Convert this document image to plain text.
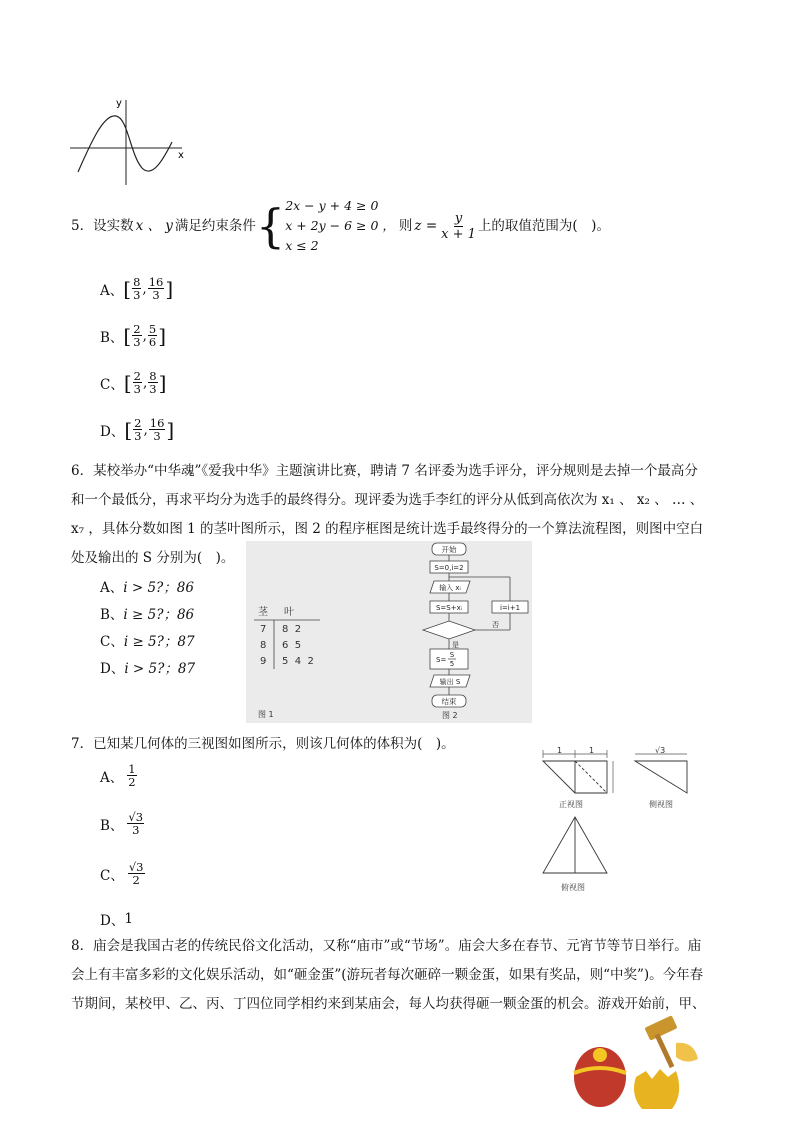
y
x
5．设实数 x 、 y 满足约束条件 { 2x − y + 4 ≥ 0
x + 2y − 6 ≥ 0 ，
x ≤ 2
则 $z = \frac{y}{x + 1}$ 上的取值范围为(　)。
A、 [ $\frac{8}{3}$ , $\frac{16}{3}$ ]
B、 [ $\frac{2}{3}$ , $\frac{5}{6}$ ]
C、 [ $\frac{2}{3}$ , $\frac{8}{3}$ ]
D、 [ $\frac{2}{3}$ , $\frac{16}{3}$ ]
6．某校举办“中华魂”《爱我中华》主题演讲比赛，聘请 7 名评委为选手评分，评分规则是去掉一个最高分
和一个最低分，再求平均分为选手的最终得分。现评委为选手李红的评分从低到高依次为 x₁ 、 x₂ 、 … 、
x₇ ，具体分数如图 1 的茎叶图所示，图 2 的程序框图是统计选手最终得分的一个算法流程图，则图中空白
处及输出的 S 分别为(　)。
A、 i > 5?；86
B、 i ≥ 5?；86
C、 i ≥ 5?；87
D、 i > 5?；87
茎 叶
7 8  2
8 6  5
9 5  4  2
图 1
开始
S=0,i=2
输入 xᵢ
S=S+xᵢ
否
i=i+1
是
S=
S
5
输出 S
结束
图 2
7．已知某几何体的三视图如图所示，则该几何体的体积为(　)。
A、 $\frac{1}{2}$
B、 $\frac{√3}{3}$
C、 $\frac{√3}{2}$
D、 1
1	1
正视图
√3
侧视图
俯视图
8．庙会是我国古老的传统民俗文化活动，又称“庙市”或“节场”。庙会大多在春节、元宵节等节日举行。庙
会上有丰富多彩的文化娱乐活动，如“砸金蛋”(游玩者每次砸碎一颗金蛋，如果有奖品，则“中奖”)。今年春
节期间，某校甲、乙、丙、丁四位同学相约来到某庙会，每人均获得砸一颗金蛋的机会。游戏开始前，甲、
